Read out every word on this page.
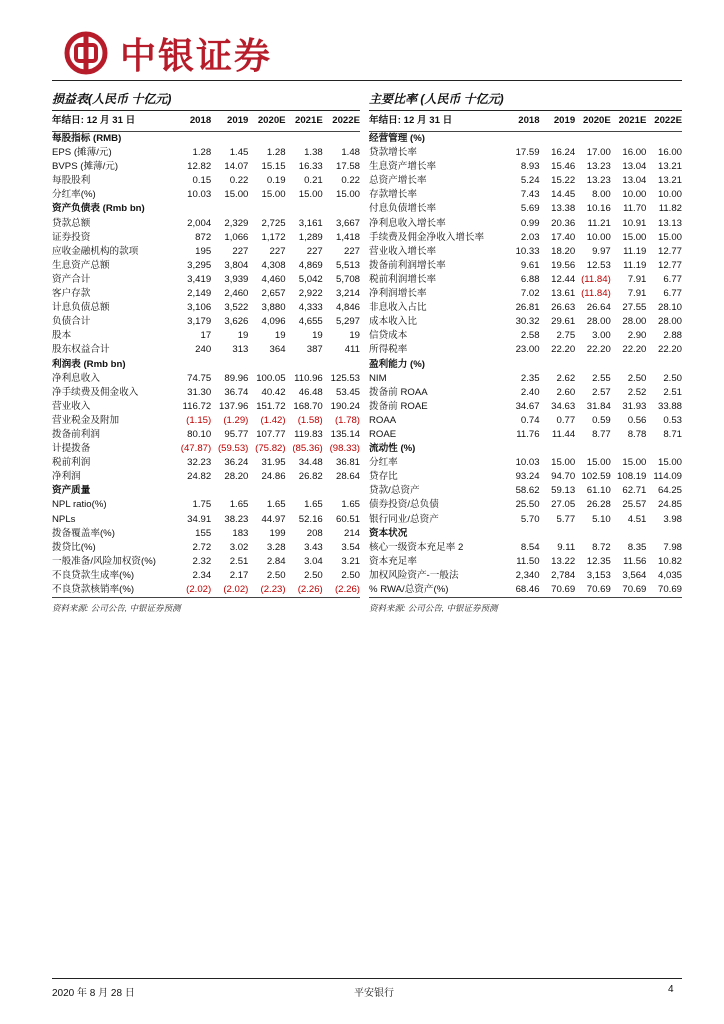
中银证券
损益表(人民币 十亿元)
年结日: 12 月 31 日	2018	2019	2020E	2021E	2022E
每股指标 (RMB)					
EPS (摊薄/元)	1.28	1.45	1.28	1.38	1.48
BVPS (摊薄/元)	12.82	14.07	15.15	16.33	17.58
每股股利	0.15	0.22	0.19	0.21	0.22
分红率(%)	10.03	15.00	15.00	15.00	15.00
资产负债表 (Rmb bn)					
贷款总额	2,004	2,329	2,725	3,161	3,667
证券投资	872	1,066	1,172	1,289	1,418
应收金融机构的款项	195	227	227	227	227
生息资产总额	3,295	3,804	4,308	4,869	5,513
资产合计	3,419	3,939	4,460	5,042	5,708
客户存款	2,149	2,460	2,657	2,922	3,214
计息负债总额	3,106	3,522	3,880	4,333	4,846
负债合计	3,179	3,626	4,096	4,655	5,297
股本	17	19	19	19	19
股东权益合计	240	313	364	387	411
利润表 (Rmb bn)					
净利息收入	74.75	89.96	100.05	110.96	125.53
净手续费及佣金收入	31.30	36.74	40.42	46.48	53.45
营业收入	116.72	137.96	151.72	168.70	190.24
营业税金及附加	(1.15)	(1.29)	(1.42)	(1.58)	(1.78)
拨备前利润	80.10	95.77	107.77	119.83	135.14
计提拨备	(47.87)	(59.53)	(75.82)	(85.36)	(98.33)
税前利润	32.23	36.24	31.95	34.48	36.81
净利润	24.82	28.20	24.86	26.82	28.64
资产质量					
NPL ratio(%)	1.75	1.65	1.65	1.65	1.65
NPLs	34.91	38.23	44.97	52.16	60.51
拨备覆盖率(%)	155	183	199	208	214
拨贷比(%)	2.72	3.02	3.28	3.43	3.54
一般准备/风险加权资(%)	2.32	2.51	2.84	3.04	3.21
不良贷款生成率(%)	2.34	2.17	2.50	2.50	2.50
不良贷款核销率(%)	(2.02)	(2.02)	(2.23)	(2.26)	(2.26)
资料来源: 公司公告, 中银证券预测
主要比率 (人民币 十亿元)
年结日: 12 月 31 日	2018	2019	2020E	2021E	2022E
经营管理 (%)					
贷款增长率	17.59	16.24	17.00	16.00	16.00
生息资产增长率	8.93	15.46	13.23	13.04	13.21
总资产增长率	5.24	15.22	13.23	13.04	13.21
存款增长率	7.43	14.45	8.00	10.00	10.00
付息负债增长率	5.69	13.38	10.16	11.70	11.82
净利息收入增长率	0.99	20.36	11.21	10.91	13.13
手续费及佣金净收入增长率	2.03	17.40	10.00	15.00	15.00
营业收入增长率	10.33	18.20	9.97	11.19	12.77
拨备前利润增长率	9.61	19.56	12.53	11.19	12.77
税前利润增长率	6.88	12.44	(11.84)	7.91	6.77
净利润增长率	7.02	13.61	(11.84)	7.91	6.77
非息收入占比	26.81	26.63	26.64	27.55	28.10
成本收入比	30.32	29.61	28.00	28.00	28.00
信贷成本	2.58	2.75	3.00	2.90	2.88
所得税率	23.00	22.20	22.20	22.20	22.20
盈利能力 (%)					
NIM	2.35	2.62	2.55	2.50	2.50
拨备前 ROAA	2.40	2.60	2.57	2.52	2.51
拨备前 ROAE	34.67	34.63	31.84	31.93	33.88
ROAA	0.74	0.77	0.59	0.56	0.53
ROAE	11.76	11.44	8.77	8.78	8.71
流动性 (%)					
分红率	10.03	15.00	15.00	15.00	15.00
贷存比	93.24	94.70	102.59	108.19	114.09
贷款/总资产	58.62	59.13	61.10	62.71	64.25
债券投资/总负债	25.50	27.05	26.28	25.57	24.85
银行同业/总资产	5.70	5.77	5.10	4.51	3.98
资本状况					
核心一级资本充足率 2	8.54	9.11	8.72	8.35	7.98
资本充足率	11.50	13.22	12.35	11.56	10.82
加权风险资产-一般法	2,340	2,784	3,153	3,564	4,035
% RWA/总资产(%)	68.46	70.69	70.69	70.69	70.69
资料来源: 公司公告, 中银证券预测
2020 年 8 月 28 日	平安银行	4
